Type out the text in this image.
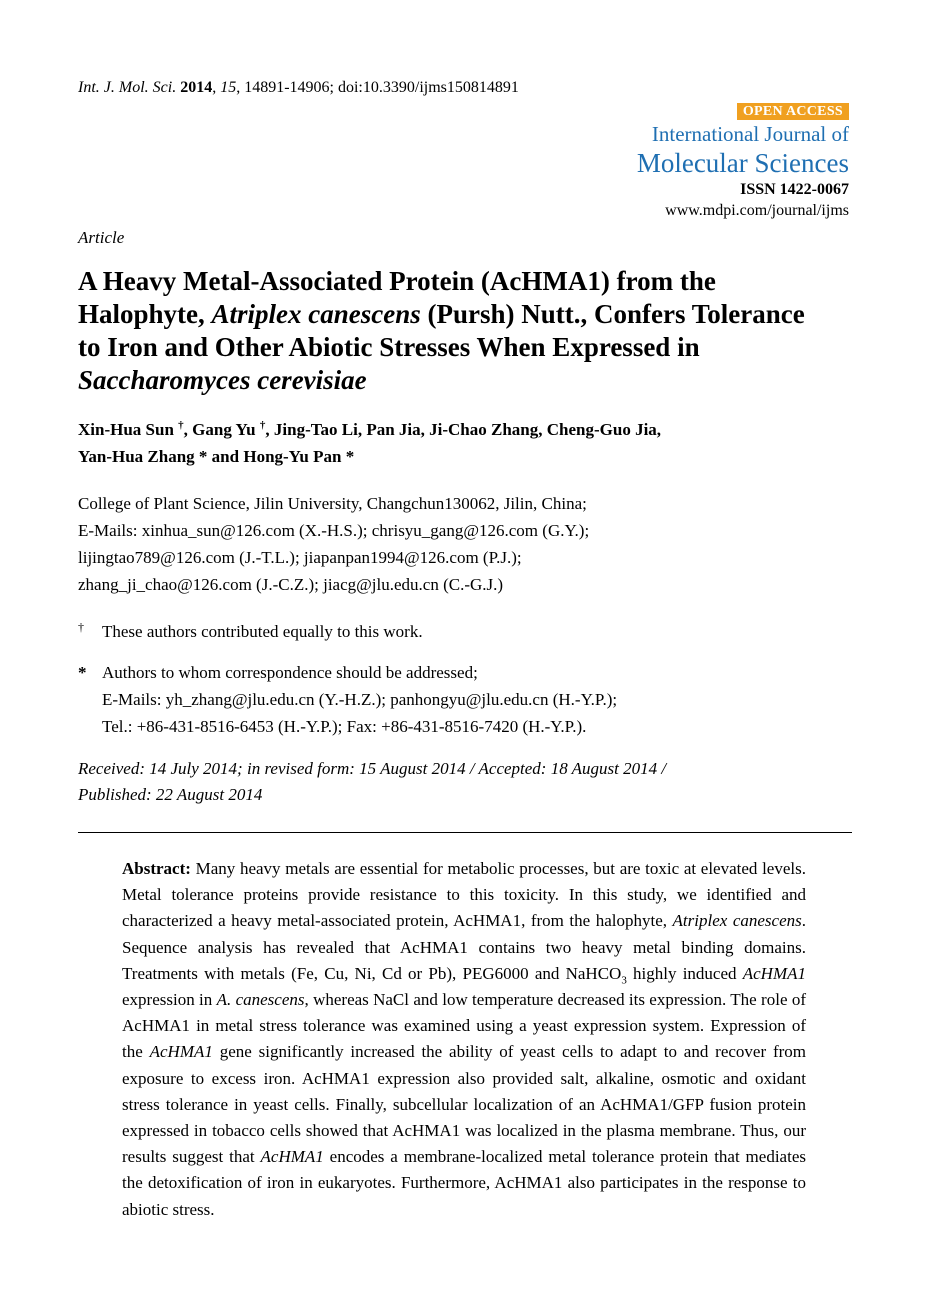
Int. J. Mol. Sci. 2014, 15, 14891-14906; doi:10.3390/ijms150814891
OPEN ACCESS
International Journal of
Molecular Sciences
ISSN 1422-0067
www.mdpi.com/journal/ijms
Article
A Heavy Metal-Associated Protein (AcHMA1) from the
Halophyte, Atriplex canescens (Pursh) Nutt., Confers Tolerance
to Iron and Other Abiotic Stresses When Expressed in
Saccharomyces cerevisiae
Xin-Hua Sun †, Gang Yu †, Jing-Tao Li, Pan Jia, Ji-Chao Zhang, Cheng-Guo Jia,
Yan-Hua Zhang * and Hong-Yu Pan *
College of Plant Science, Jilin University, Changchun130062, Jilin, China;
E-Mails: xinhua_sun@126.com (X.-H.S.); chrisyu_gang@126.com (G.Y.);
lijingtao789@126.com (J.-T.L.); jiapanpan1994@126.com (P.J.);
zhang_ji_chao@126.com (J.-C.Z.); jiacg@jlu.edu.cn (C.-G.J.)
† These authors contributed equally to this work.
* Authors to whom correspondence should be addressed;
E-Mails: yh_zhang@jlu.edu.cn (Y.-H.Z.); panhongyu@jlu.edu.cn (H.-Y.P.);
Tel.: +86-431-8516-6453 (H.-Y.P.); Fax: +86-431-8516-7420 (H.-Y.P.).
Received: 14 July 2014; in revised form: 15 August 2014 / Accepted: 18 August 2014 /
Published: 22 August 2014
Abstract: Many heavy metals are essential for metabolic processes, but are toxic at elevated levels. Metal tolerance proteins provide resistance to this toxicity. In this study, we identified and characterized a heavy metal-associated protein, AcHMA1, from the halophyte, Atriplex canescens. Sequence analysis has revealed that AcHMA1 contains two heavy metal binding domains. Treatments with metals (Fe, Cu, Ni, Cd or Pb), PEG6000 and NaHCO$_3$ highly induced AcHMA1 expression in A. canescens, whereas NaCl and low temperature decreased its expression. The role of AcHMA1 in metal stress tolerance was examined using a yeast expression system. Expression of the AcHMA1 gene significantly increased the ability of yeast cells to adapt to and recover from exposure to excess iron. AcHMA1 expression also provided salt, alkaline, osmotic and oxidant stress tolerance in yeast cells. Finally, subcellular localization of an AcHMA1/GFP fusion protein expressed in tobacco cells showed that AcHMA1 was localized in the plasma membrane. Thus, our results suggest that AcHMA1 encodes a membrane-localized metal tolerance protein that mediates the detoxification of iron in eukaryotes. Furthermore, AcHMA1 also participates in the response to abiotic stress.
